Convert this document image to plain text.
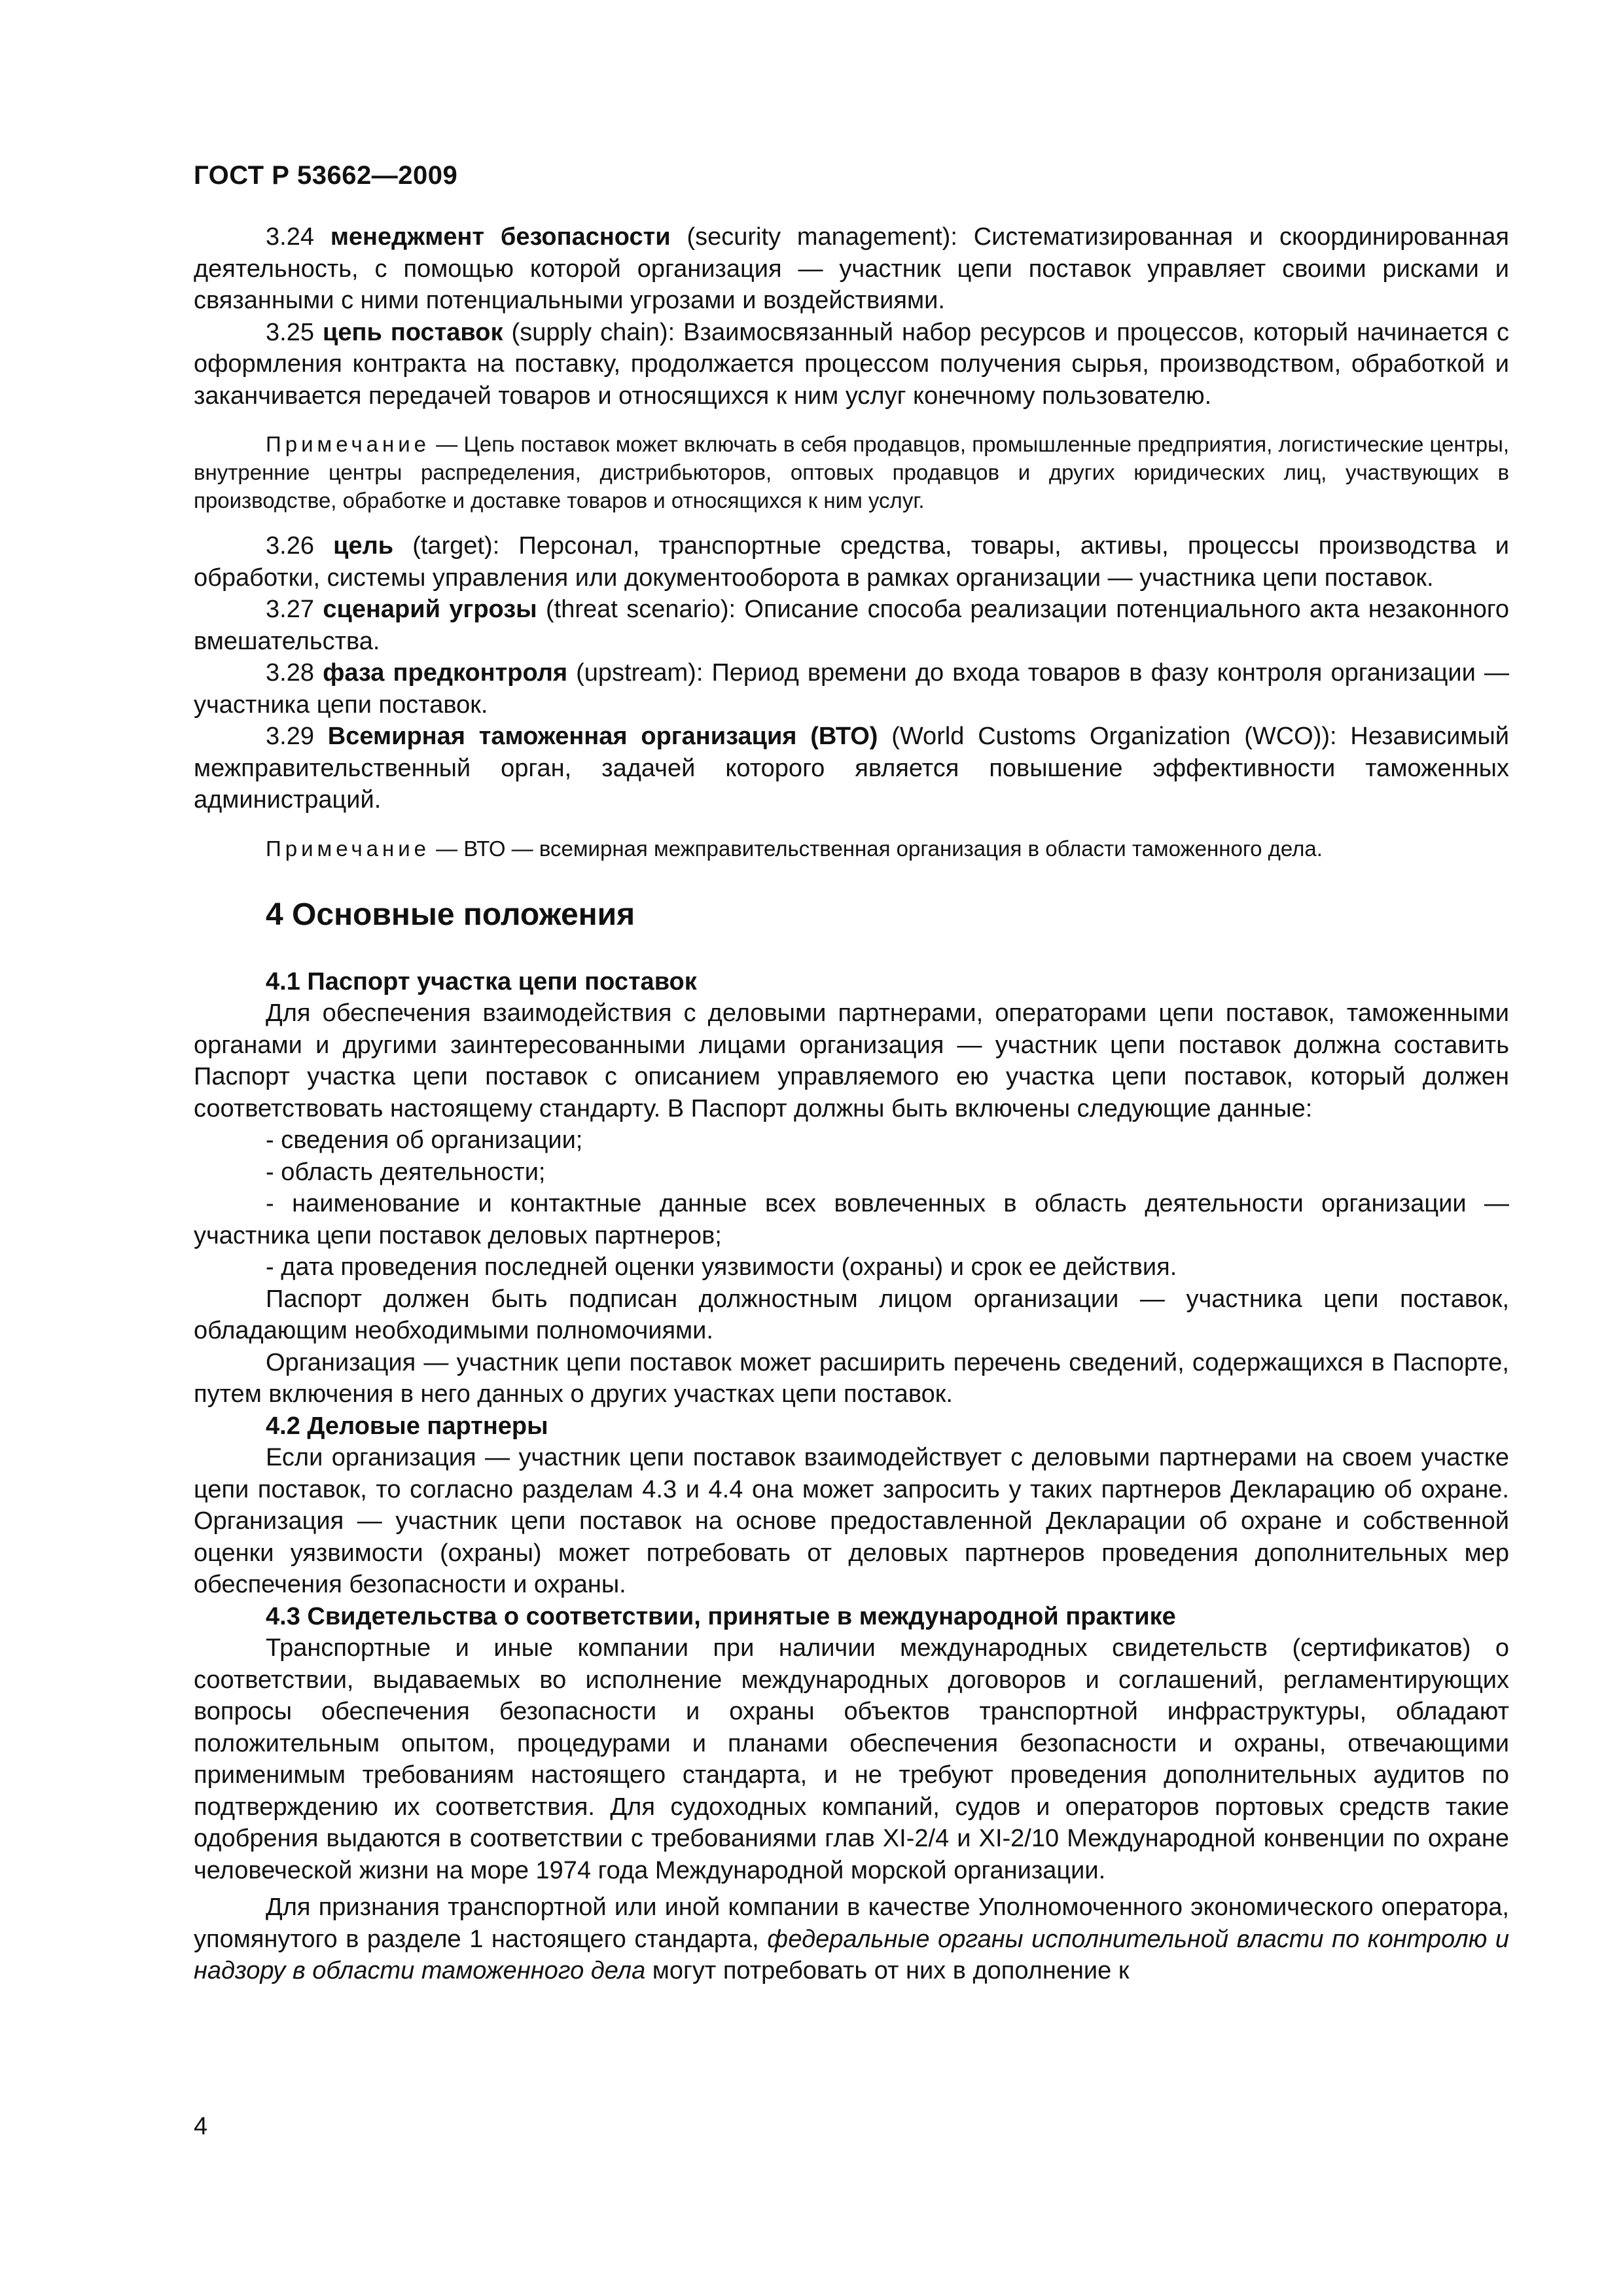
ГОСТ Р 53662—2009

3.24 менеджмент безопасности (security management): Систематизированная и скоординированная деятельность, с помощью которой организация — участник цепи поставок управляет своими рисками и связанными с ними потенциальными угрозами и воздействиями.

3.25 цепь поставок (supply chain): Взаимосвязанный набор ресурсов и процессов, который начинается с оформления контракта на поставку, продолжается процессом получения сырья, производством, обработкой и заканчивается передачей товаров и относящихся к ним услуг конечному пользователю.

Примечание — Цепь поставок может включать в себя продавцов, промышленные предприятия, логистические центры, внутренние центры распределения, дистрибьюторов, оптовых продавцов и других юридических лиц, участвующих в производстве, обработке и доставке товаров и относящихся к ним услуг.

3.26 цель (target): Персонал, транспортные средства, товары, активы, процессы производства и обработки, системы управления или документооборота в рамках организации — участника цепи поставок.

3.27 сценарий угрозы (threat scenario): Описание способа реализации потенциального акта незаконного вмешательства.

3.28 фаза предконтроля (upstream): Период времени до входа товаров в фазу контроля организации — участника цепи поставок.

3.29 Всемирная таможенная организация (ВТО) (World Customs Organization (WCO)): Независимый межправительственный орган, задачей которого является повышение эффективности таможенных администраций.

Примечание — ВТО — всемирная межправительственная организация в области таможенного дела.

4 Основные положения
4.1 Паспорт участка цепи поставок

Для обеспечения взаимодействия с деловыми партнерами, операторами цепи поставок, таможенными органами и другими заинтересованными лицами организация — участник цепи поставок должна составить Паспорт участка цепи поставок с описанием управляемого ею участка цепи поставок, который должен соответствовать настоящему стандарту. В Паспорт должны быть включены следующие данные:

- сведения об организации;

- область деятельности;

- наименование и контактные данные всех вовлеченных в область деятельности организации — участника цепи поставок деловых партнеров;

- дата проведения последней оценки уязвимости (охраны) и срок ее действия.

Паспорт должен быть подписан должностным лицом организации — участника цепи поставок, обладающим необходимыми полномочиями.

Организация — участник цепи поставок может расширить перечень сведений, содержащихся в Паспорте, путем включения в него данных о других участках цепи поставок.

4.2 Деловые партнеры

Если организация — участник цепи поставок взаимодействует с деловыми партнерами на своем участке цепи поставок, то согласно разделам 4.3 и 4.4 она может запросить у таких партнеров Декларацию об охране. Организация — участник цепи поставок на основе предоставленной Декларации об охране и собственной оценки уязвимости (охраны) может потребовать от деловых партнеров проведения дополнительных мер обеспечения безопасности и охраны.

4.3 Свидетельства о соответствии, принятые в международной практике

Транспортные и иные компании при наличии международных свидетельств (сертификатов) о соответствии, выдаваемых во исполнение международных договоров и соглашений, регламентирующих вопросы обеспечения безопасности и охраны объектов транспортной инфраструктуры, обладают положительным опытом, процедурами и планами обеспечения безопасности и охраны, отвечающими применимым требованиям настоящего стандарта, и не требуют проведения дополнительных аудитов по подтверждению их соответствия. Для судоходных компаний, судов и операторов портовых средств такие одобрения выдаются в соответствии с требованиями глав XI-2/4 и XI-2/10 Международной конвенции по охране человеческой жизни на море 1974 года Международной морской организации.

Для признания транспортной или иной компании в качестве Уполномоченного экономического оператора, упомянутого в разделе 1 настоящего стандарта, федеральные органы исполнительной власти по контролю и надзору в области таможенного дела могут потребовать от них в дополнение к

4
